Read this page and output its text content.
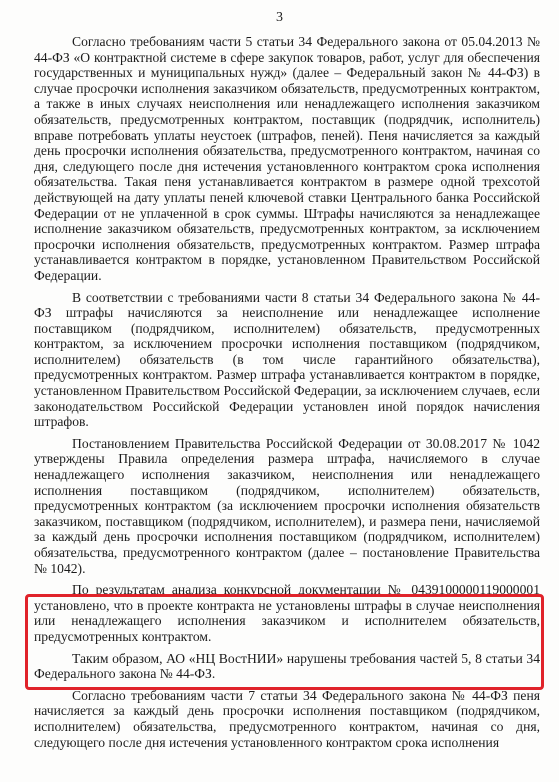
3

Согласно требованиям части 5 статьи 34 Федерального закона от 05.04.2013 № 44-ФЗ «О контрактной системе в сфере закупок товаров, работ, услуг для обеспечения государственных и муниципальных нужд» (далее – Федеральный закон № 44-ФЗ) в случае просрочки исполнения заказчиком обязательств, предусмотренных контрактом, а также в иных случаях неисполнения или ненадлежащего исполнения заказчиком обязательств, предусмотренных контрактом, поставщик (подрядчик, исполнитель) вправе потребовать уплаты неустоек (штрафов, пеней). Пеня начисляется за каждый день просрочки исполнения обязательства, предусмотренного контрактом, начиная со дня, следующего после дня истечения установленного контрактом срока исполнения обязательства. Такая пеня устанавливается контрактом в размере одной трехсотой действующей на дату уплаты пеней ключевой ставки Центрального банка Российской Федерации от не уплаченной в срок суммы. Штрафы начисляются за ненадлежащее исполнение заказчиком обязательств, предусмотренных контрактом, за исключением просрочки исполнения обязательств, предусмотренных контрактом. Размер штрафа устанавливается контрактом в порядке, установленном Правительством Российской Федерации.

В соответствии с требованиями части 8 статьи 34 Федерального закона № 44-ФЗ штрафы начисляются за неисполнение или ненадлежащее исполнение поставщиком (подрядчиком, исполнителем) обязательств, предусмотренных контрактом, за исключением просрочки исполнения поставщиком (подрядчиком, исполнителем) обязательств (в том числе гарантийного обязательства), предусмотренных контрактом. Размер штрафа устанавливается контрактом в порядке, установленном Правительством Российской Федерации, за исключением случаев, если законодательством Российской Федерации установлен иной порядок начисления штрафов.

Постановлением Правительства Российской Федерации от 30.08.2017 № 1042 утверждены Правила определения размера штрафа, начисляемого в случае ненадлежащего исполнения заказчиком, неисполнения или ненадлежащего исполнения поставщиком (подрядчиком, исполнителем) обязательств, предусмотренных контрактом (за исключением просрочки исполнения обязательств заказчиком, поставщиком (подрядчиком, исполнителем), и размера пени, начисляемой за каждый день просрочки исполнения поставщиком (подрядчиком, исполнителем) обязательства, предусмотренного контрактом (далее – постановление Правительства № 1042).

По результатам анализа конкурсной документации № 0439100000119000001 установлено, что в проекте контракта не установлены штрафы в случае неисполнения или ненадлежащего исполнения заказчиком и исполнителем обязательств, предусмотренных контрактом.

Таким образом, АО «НЦ ВостНИИ» нарушены требования частей 5, 8 статьи 34 Федерального закона № 44-ФЗ.

Согласно требованиям части 7 статьи 34 Федерального закона № 44-ФЗ пеня начисляется за каждый день просрочки исполнения поставщиком (подрядчиком, исполнителем) обязательства, предусмотренного контрактом, начиная со дня, следующего после дня истечения установленного контрактом срока исполнения
